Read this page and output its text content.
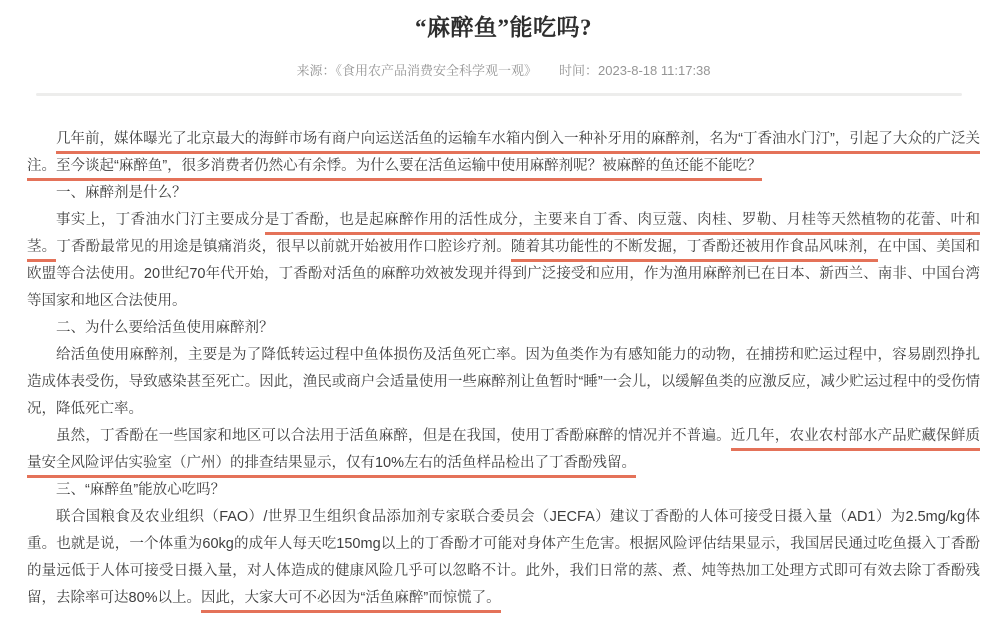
“麻醉鱼”能吃吗?
来源：《食用农产品消费安全科学观一观》 时间：2023-8-18 11:17:38

几年前，媒体曝光了北京最大的海鲜市场有商户向运送活鱼的运输车水箱内倒入一种补牙用的麻醉剂，名为“丁香油水门汀”，引起了大众的广泛关注。至今谈起“麻醉鱼”，很多消费者仍然心有余悸。为什么要在活鱼运输中使用麻醉剂呢？被麻醉的鱼还能不能吃？

一、麻醉剂是什么？

事实上，丁香油水门汀主要成分是丁香酚，也是起麻醉作用的活性成分，主要来自丁香、肉豆蔻、肉桂、罗勒、月桂等天然植物的花蕾、叶和茎。丁香酚最常见的用途是镇痛消炎，很早以前就开始被用作口腔诊疗剂。随着其功能性的不断发掘，丁香酚还被用作食品风味剂，在中国、美国和欧盟等合法使用。20世纪70年代开始，丁香酚对活鱼的麻醉功效被发现并得到广泛接受和应用，作为渔用麻醉剂已在日本、新西兰、南非、中国台湾等国家和地区合法使用。

二、为什么要给活鱼使用麻醉剂？

给活鱼使用麻醉剂，主要是为了降低转运过程中鱼体损伤及活鱼死亡率。因为鱼类作为有感知能力的动物，在捕捞和贮运过程中，容易剧烈挣扎造成体表受伤，导致感染甚至死亡。因此，渔民或商户会适量使用一些麻醉剂让鱼暂时“睡”一会儿，以缓解鱼类的应激反应，减少贮运过程中的受伤情况，降低死亡率。

虽然，丁香酚在一些国家和地区可以合法用于活鱼麻醉，但是在我国，使用丁香酚麻醉的情况并不普遍。近几年，农业农村部水产品贮藏保鲜质量安全风险评估实验室（广州）的排查结果显示，仅有10%左右的活鱼样品检出了丁香酚残留。

三、“麻醉鱼”能放心吃吗？

联合国粮食及农业组织（FAO）/世界卫生组织食品添加剂专家联合委员会（JECFA）建议丁香酚的人体可接受日摄入量（AD1）为2.5mg/kg体重。也就是说，一个体重为60kg的成年人每天吃150mg以上的丁香酚才可能对身体产生危害。根据风险评估结果显示，我国居民通过吃鱼摄入丁香酚的量远低于人体可接受日摄入量，对人体造成的健康风险几乎可以忽略不计。此外，我们日常的蒸、煮、炖等热加工处理方式即可有效去除丁香酚残留，去除率可达80%以上。因此，大家大可不必因为“活鱼麻醉”而惊慌了。
